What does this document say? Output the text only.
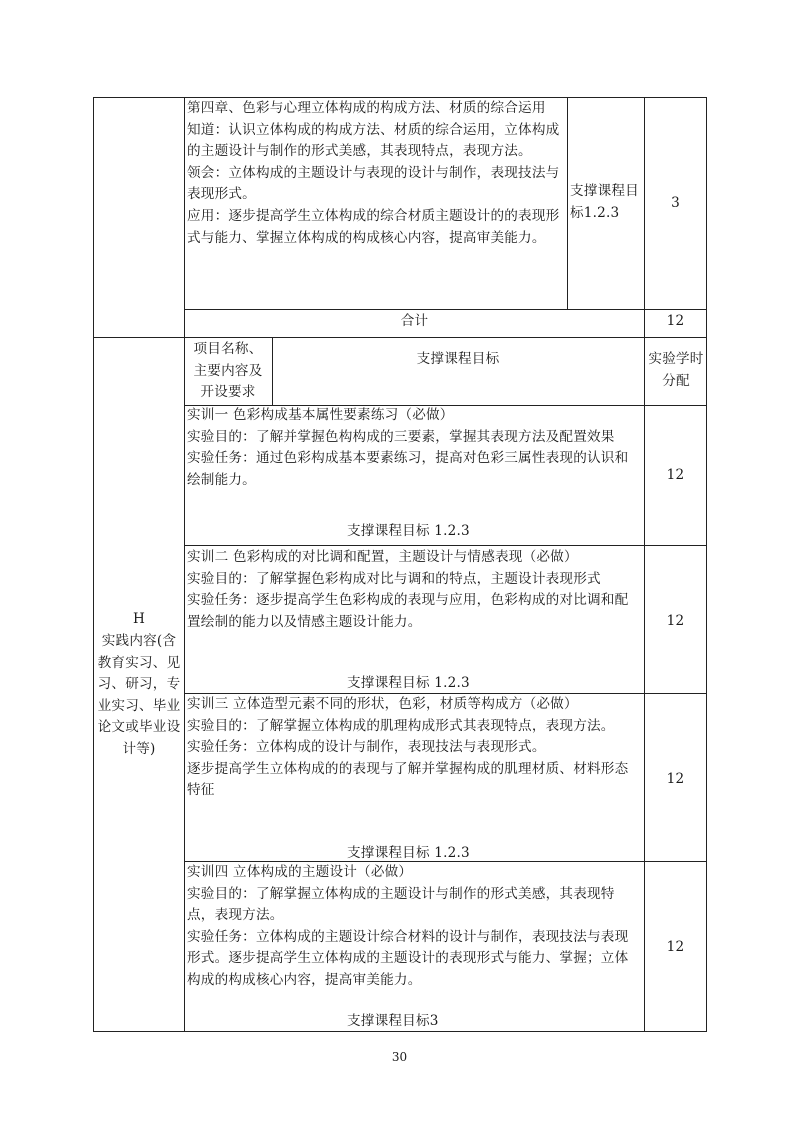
第四章、色彩与心理立体构成的构成方法、材质的综合运用
知道：认识立体构成的构成方法、材质的综合运用，立体构成的主题设计与制作的形式美感，其表现特点，表现方法。
领会：立体构成的主题设计与表现的设计与制作，表现技法与表现形式。
应用：逐步提高学生立体构成的综合材质主题设计的的表现形式与能力、掌握立体构成的构成核心内容，提高审美能力。
支撑课程目标1.2.3
3
合计	12
H
实践内容(含教育实习、见习、研习，专业实习、毕业论文或毕业设计等)
项目名称、主要内容及开设要求
支撑课程目标	实验学时分配
实训一 色彩构成基本属性要素练习（必做）
实验目的：了解并掌握色构构成的三要素，掌握其表现方法及配置效果
实验任务：通过色彩构成基本要素练习，提高对色彩三属性表现的认识和绘制能力。
支撑课程目标 1.2.3
12
实训二 色彩构成的对比调和配置，主题设计与情感表现（必做）
实验目的：了解掌握色彩构成对比与调和的特点，主题设计表现形式
实验任务：逐步提高学生色彩构成的表现与应用，色彩构成的对比调和配置绘制的能力以及情感主题设计能力。
支撑课程目标 1.2.3
12
实训三 立体造型元素不同的形状，色彩，材质等构成方（必做）
实验目的：了解掌握立体构成的肌理构成形式其表现特点，表现方法。
实验任务：立体构成的设计与制作，表现技法与表现形式。
逐步提高学生立体构成的的表现与了解并掌握构成的肌理材质、材料形态特征
支撑课程目标 1.2.3
12
实训四 立体构成的主题设计（必做）
实验目的：了解掌握立体构成的主题设计与制作的形式美感，其表现特点，表现方法。
实验任务：立体构成的主题设计综合材料的设计与制作，表现技法与表现形式。逐步提高学生立体构成的主题设计的表现形式与能力、掌握；立体构成的构成核心内容，提高审美能力。
支撑课程目标3
12
30
